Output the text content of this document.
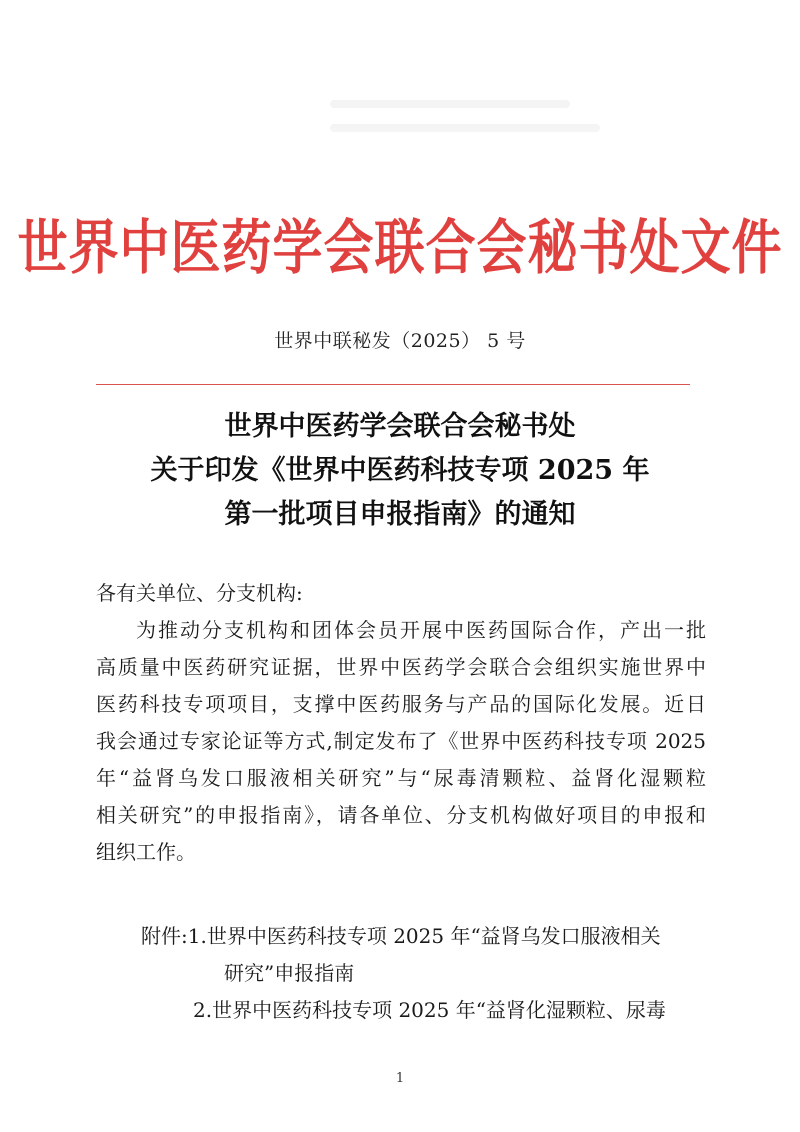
世界中医药学会联合会秘书处文件
世界中联秘发（2025） 5 号
世界中医药学会联合会秘书处
关于印发《世界中医药科技专项 2025 年
第一批项目申报指南》的通知
各有关单位、分支机构:
为推动分支机构和团体会员开展中医药国际合作，产出一批
高质量中医药研究证据，世界中医药学会联合会组织实施世界中
医药科技专项项目，支撑中医药服务与产品的国际化发展。近日
我会通过专家论证等方式,制定发布了《世界中医药科技专项 2025
年“益肾乌发口服液相关研究”与“尿毒清颗粒、益肾化湿颗粒
相关研究”的申报指南》，请各单位、分支机构做好项目的申报和
组织工作。
附件:1.世界中医药科技专项 2025 年“益肾乌发口服液相关
研究”申报指南
2.世界中医药科技专项 2025 年“益肾化湿颗粒、尿毒
1
